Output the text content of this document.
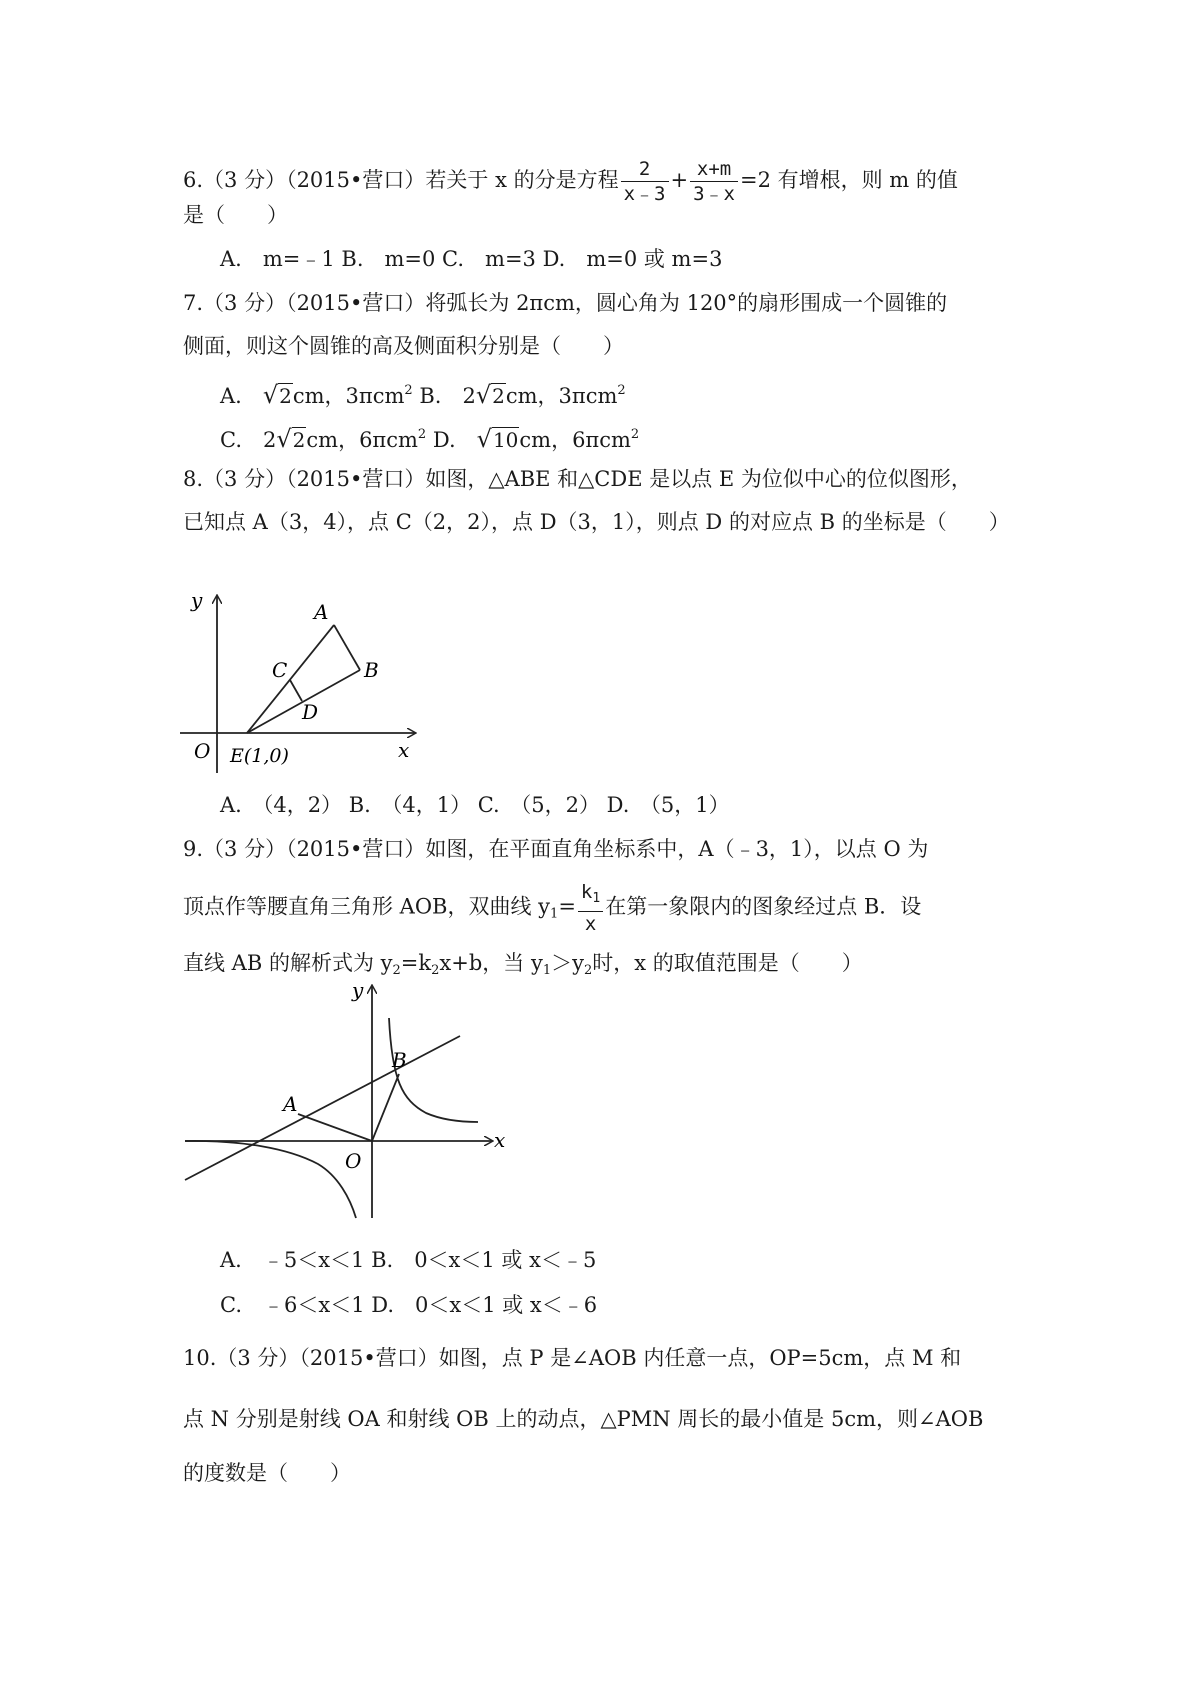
6.（3 分）（2015•营口）若关于 x 的分是方程 $\frac{2}{x﹣3} + \frac{x+m}{3﹣x} =2$ 有增根，则 m 的值
是（　　）
A.　m=﹣1 B.　m=0 C.　m=3 D.　m=0 或 m=3
7.（3 分）（2015•营口）将弧长为 2πcm，圆心角为 120°的扇形围成一个圆锥的
侧面，则这个圆锥的高及侧面积分别是（　　）
A.　√2cm，3πcm$^2$ B.　2√2cm，3πcm$^2$
C.　2√2cm，6πcm$^2$ D.　√10cm，6πcm$^2$
8.（3 分）（2015•营口）如图，△ABE 和△CDE 是以点 E 为位似中心的位似图形，
已知点 A（3，4），点 C（2，2），点 D（3，1），则点 D 的对应点 B 的坐标是（　　）
y
x
O E(1,0)
A
B
C
D
A.　（4，2） B.　（4，1） C.　（5，2） D.　（5，1）
9.（3 分）（2015•营口）如图，在平面直角坐标系中，A（﹣3，1），以点 O 为
顶点作等腰直角三角形 AOB，双曲线 $y_1= \frac{k_1}{x}$ 在第一象限内的图象经过点 B．设
直线 AB 的解析式为 $y_2=k_2x+b$，当 $y_1>y_2$时，x 的取值范围是（　　）
y
x
O
A
B
A.　﹣5＜x＜1 B.　0＜x＜1 或 x＜﹣5
C.　﹣6＜x＜1 D.　0＜x＜1 或 x＜﹣6
10.（3 分）（2015•营口）如图，点 P 是∠AOB 内任意一点，OP=5cm，点 M 和
点 N 分别是射线 OA 和射线 OB 上的动点，△PMN 周长的最小值是 5cm，则∠AOB
的度数是（　　）
